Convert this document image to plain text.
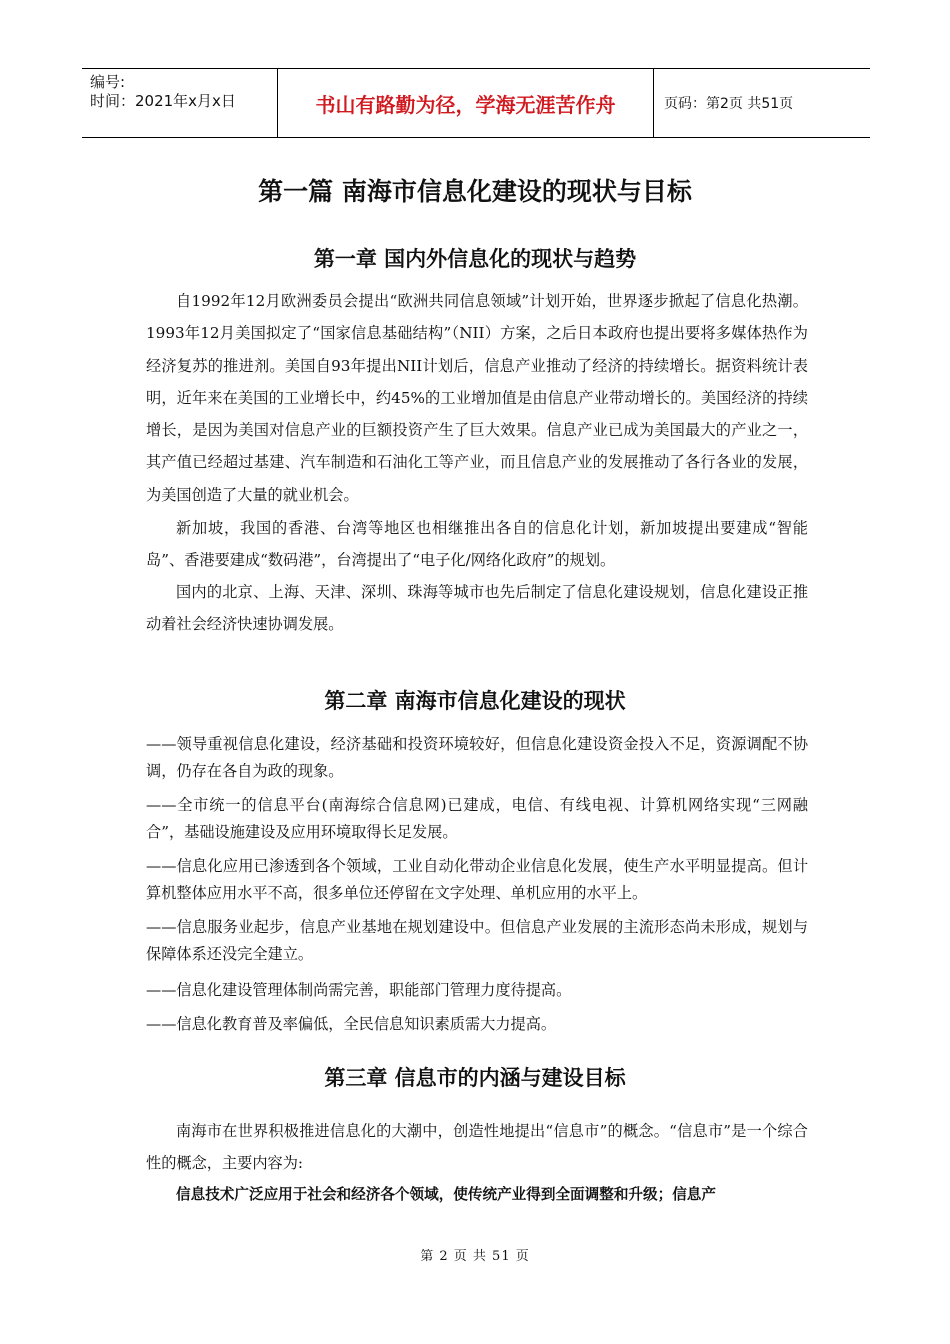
编号:
时间：2021年x月x日	书山有路勤为径，学海无涯苦作舟	页码：第2页 共51页
第一篇 南海市信息化建设的现状与目标
第一章 国内外信息化的现状与趋势

自1992年12月欧洲委员会提出“欧洲共同信息领域”计划开始，世界逐步掀起了信息化热潮。1993年12月美国拟定了“国家信息基础结构”（NII）方案，之后日本政府也提出要将多媒体热作为经济复苏的推进剂。美国自93年提出NII计划后，信息产业推动了经济的持续增长。据资料统计表明，近年来在美国的工业增长中，约45%的工业增加值是由信息产业带动增长的。美国经济的持续增长，是因为美国对信息产业的巨额投资产生了巨大效果。信息产业已成为美国最大的产业之一，其产值已经超过基建、汽车制造和石油化工等产业，而且信息产业的发展推动了各行各业的发展，为美国创造了大量的就业机会。

新加坡，我国的香港、台湾等地区也相继推出各自的信息化计划，新加坡提出要建成“智能岛”、香港要建成“数码港”，台湾提出了“电子化/网络化政府”的规划。

国内的北京、上海、天津、深圳、珠海等城市也先后制定了信息化建设规划，信息化建设正推动着社会经济快速协调发展。

第二章 南海市信息化建设的现状

——领导重视信息化建设，经济基础和投资环境较好，但信息化建设资金投入不足，资源调配不协调，仍存在各自为政的现象。

——全市统一的信息平台(南海综合信息网)已建成，电信、有线电视、计算机网络实现“三网融合”，基础设施建设及应用环境取得长足发展。

——信息化应用已渗透到各个领域，工业自动化带动企业信息化发展，使生产水平明显提高。但计算机整体应用水平不高，很多单位还停留在文字处理、单机应用的水平上。

——信息服务业起步，信息产业基地在规划建设中。但信息产业发展的主流形态尚未形成，规划与保障体系还没完全建立。

——信息化建设管理体制尚需完善，职能部门管理力度待提高。

——信息化教育普及率偏低，全民信息知识素质需大力提高。

第三章 信息市的内涵与建设目标

南海市在世界积极推进信息化的大潮中，创造性地提出“信息市”的概念。“信息市”是一个综合性的概念，主要内容为:

信息技术广泛应用于社会和经济各个领域，使传统产业得到全面调整和升级；信息产

第 2 页 共 51 页
